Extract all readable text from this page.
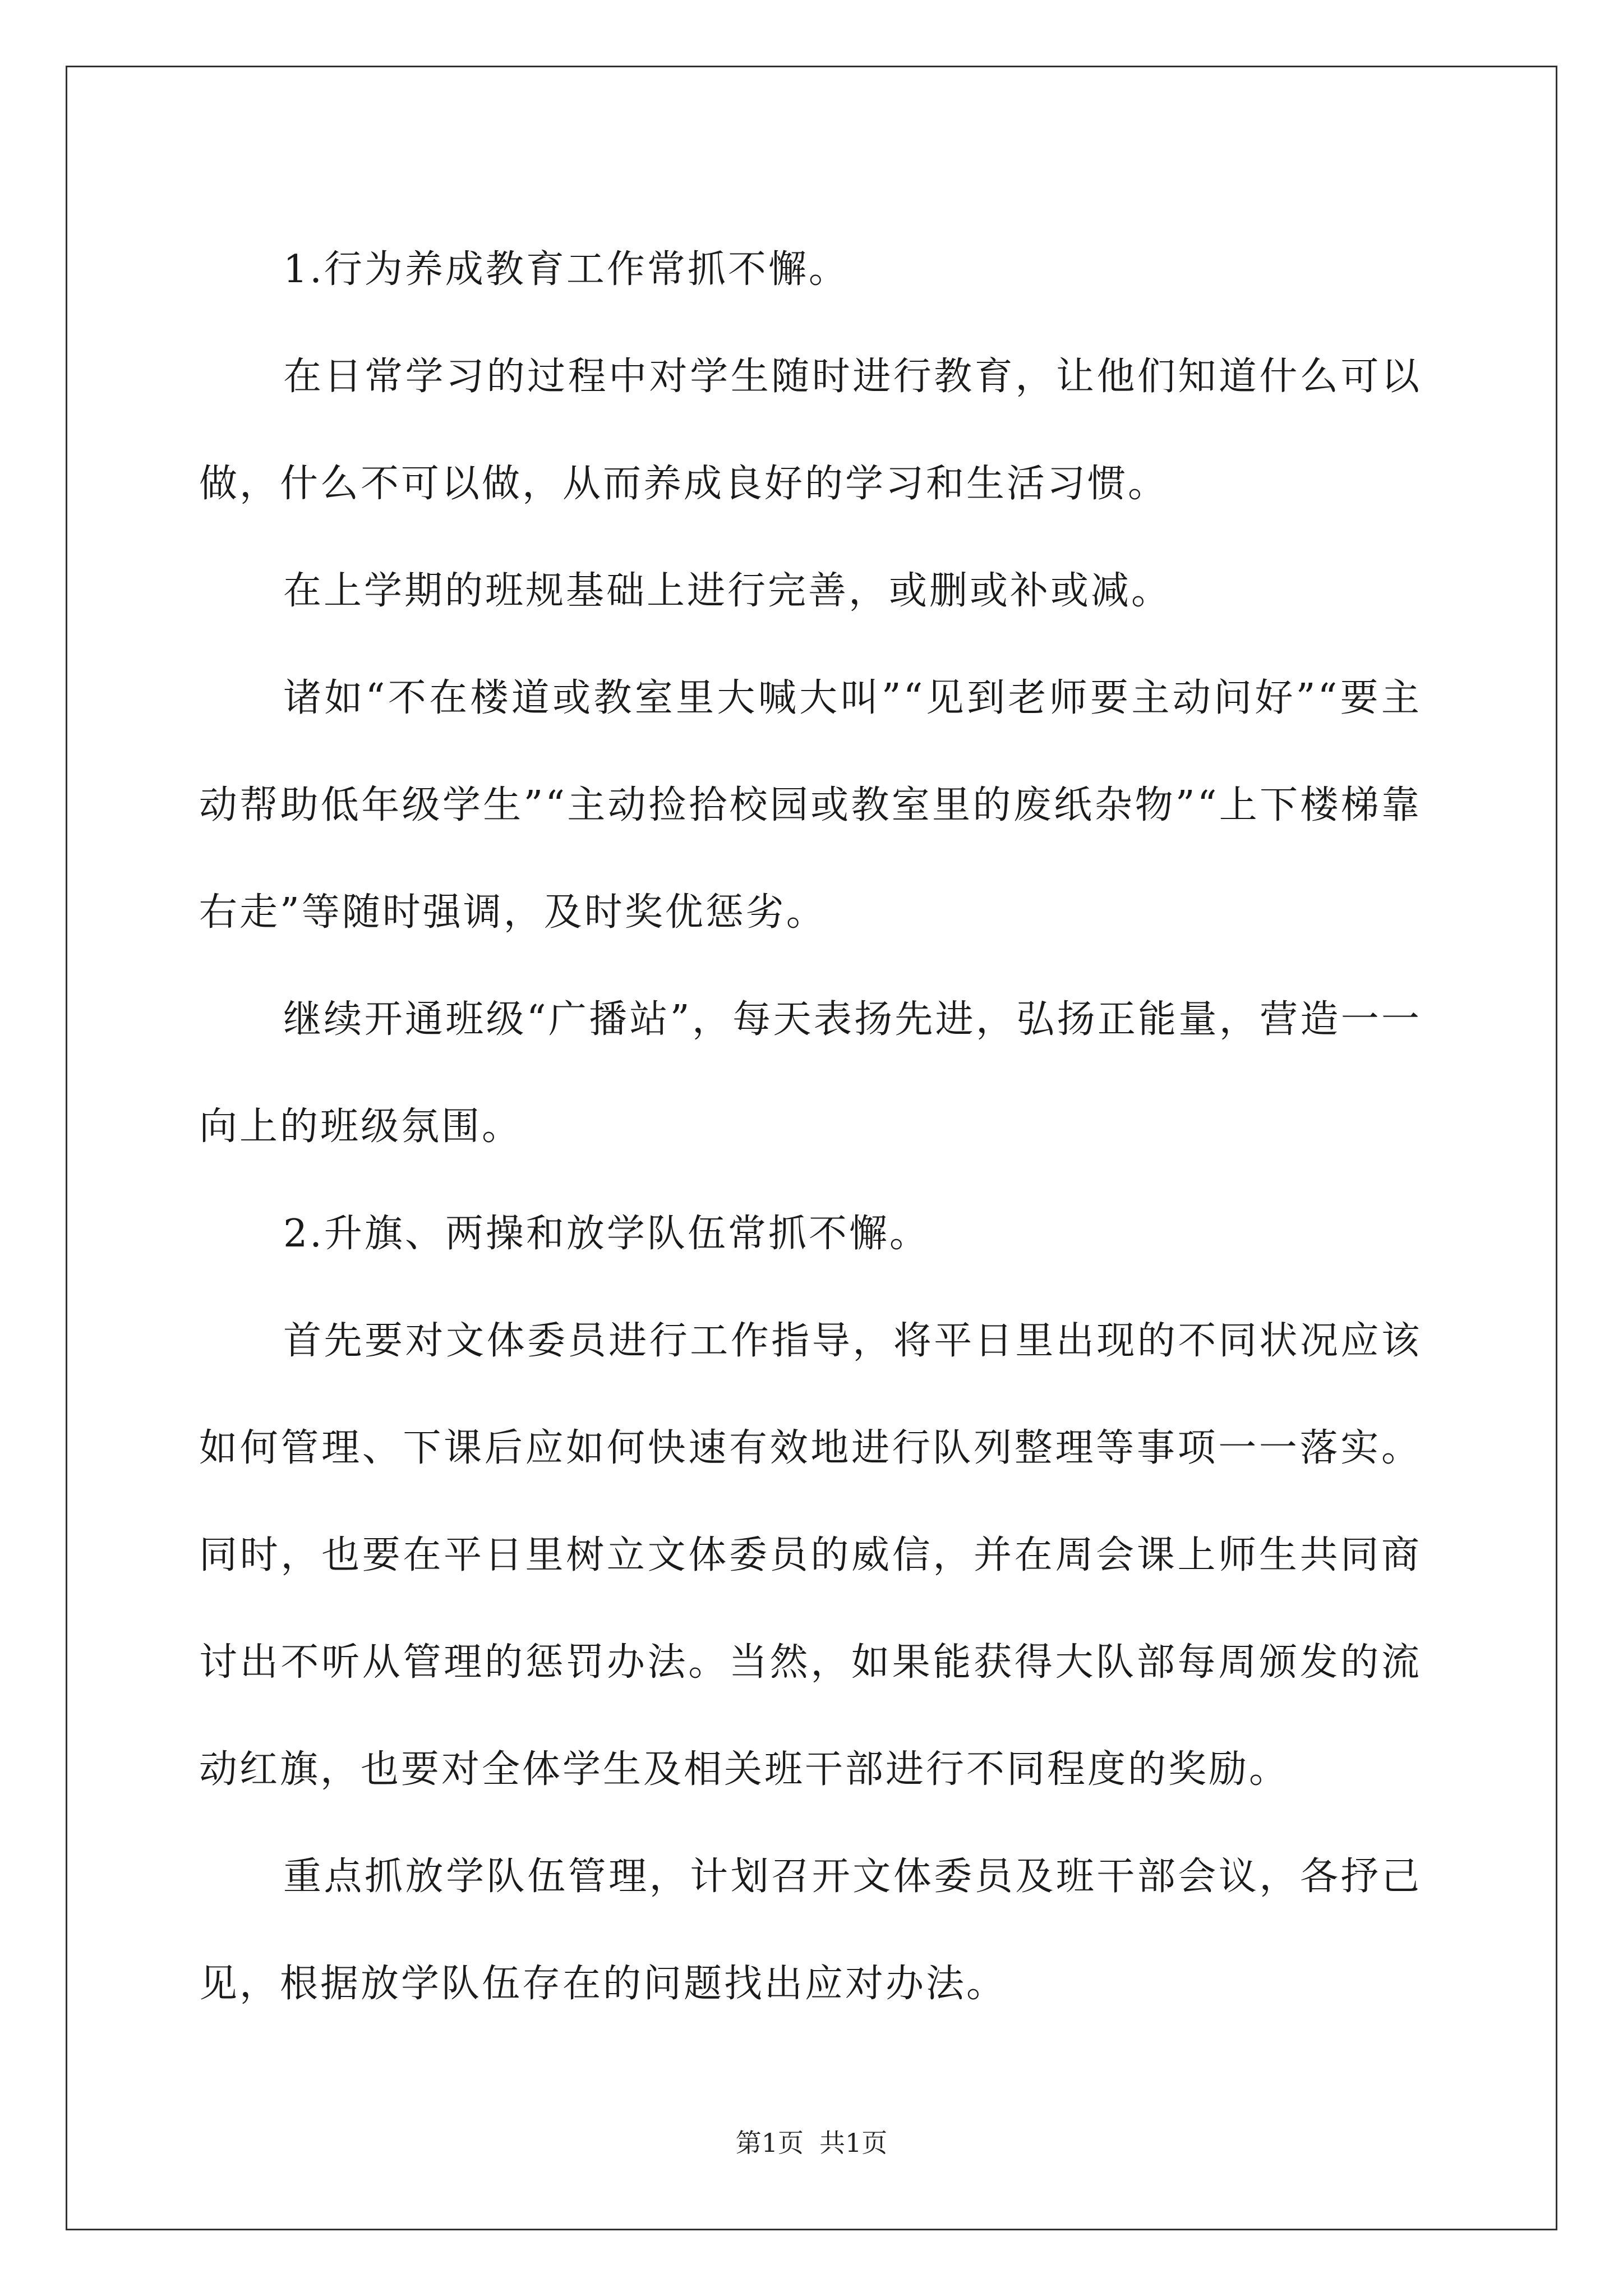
1.行为养成教育工作常抓不懈。

在日常学习的过程中对学生随时进行教育，让他们知道什么可以做，什么不可以做，从而养成良好的学习和生活习惯。

在上学期的班规基础上进行完善，或删或补或减。

诸如“不在楼道或教室里大喊大叫”“见到老师要主动问好”“要主动帮助低年级学生”“主动捡拾校园或教室里的废纸杂物”“上下楼梯靠右走”等随时强调，及时奖优惩劣。

继续开通班级“广播站”，每天表扬先进，弘扬正能量，营造一一向上的班级氛围。

2.升旗、两操和放学队伍常抓不懈。

首先要对文体委员进行工作指导，将平日里出现的不同状况应该如何管理、下课后应如何快速有效地进行队列整理等事项一一落实。同时，也要在平日里树立文体委员的威信，并在周会课上师生共同商讨出不听从管理的惩罚办法。当然，如果能获得大队部每周颁发的流动红旗，也要对全体学生及相关班干部进行不同程度的奖励。

重点抓放学队伍管理，计划召开文体委员及班干部会议，各抒己见，根据放学队伍存在的问题找出应对办法。

第1页 共1页
